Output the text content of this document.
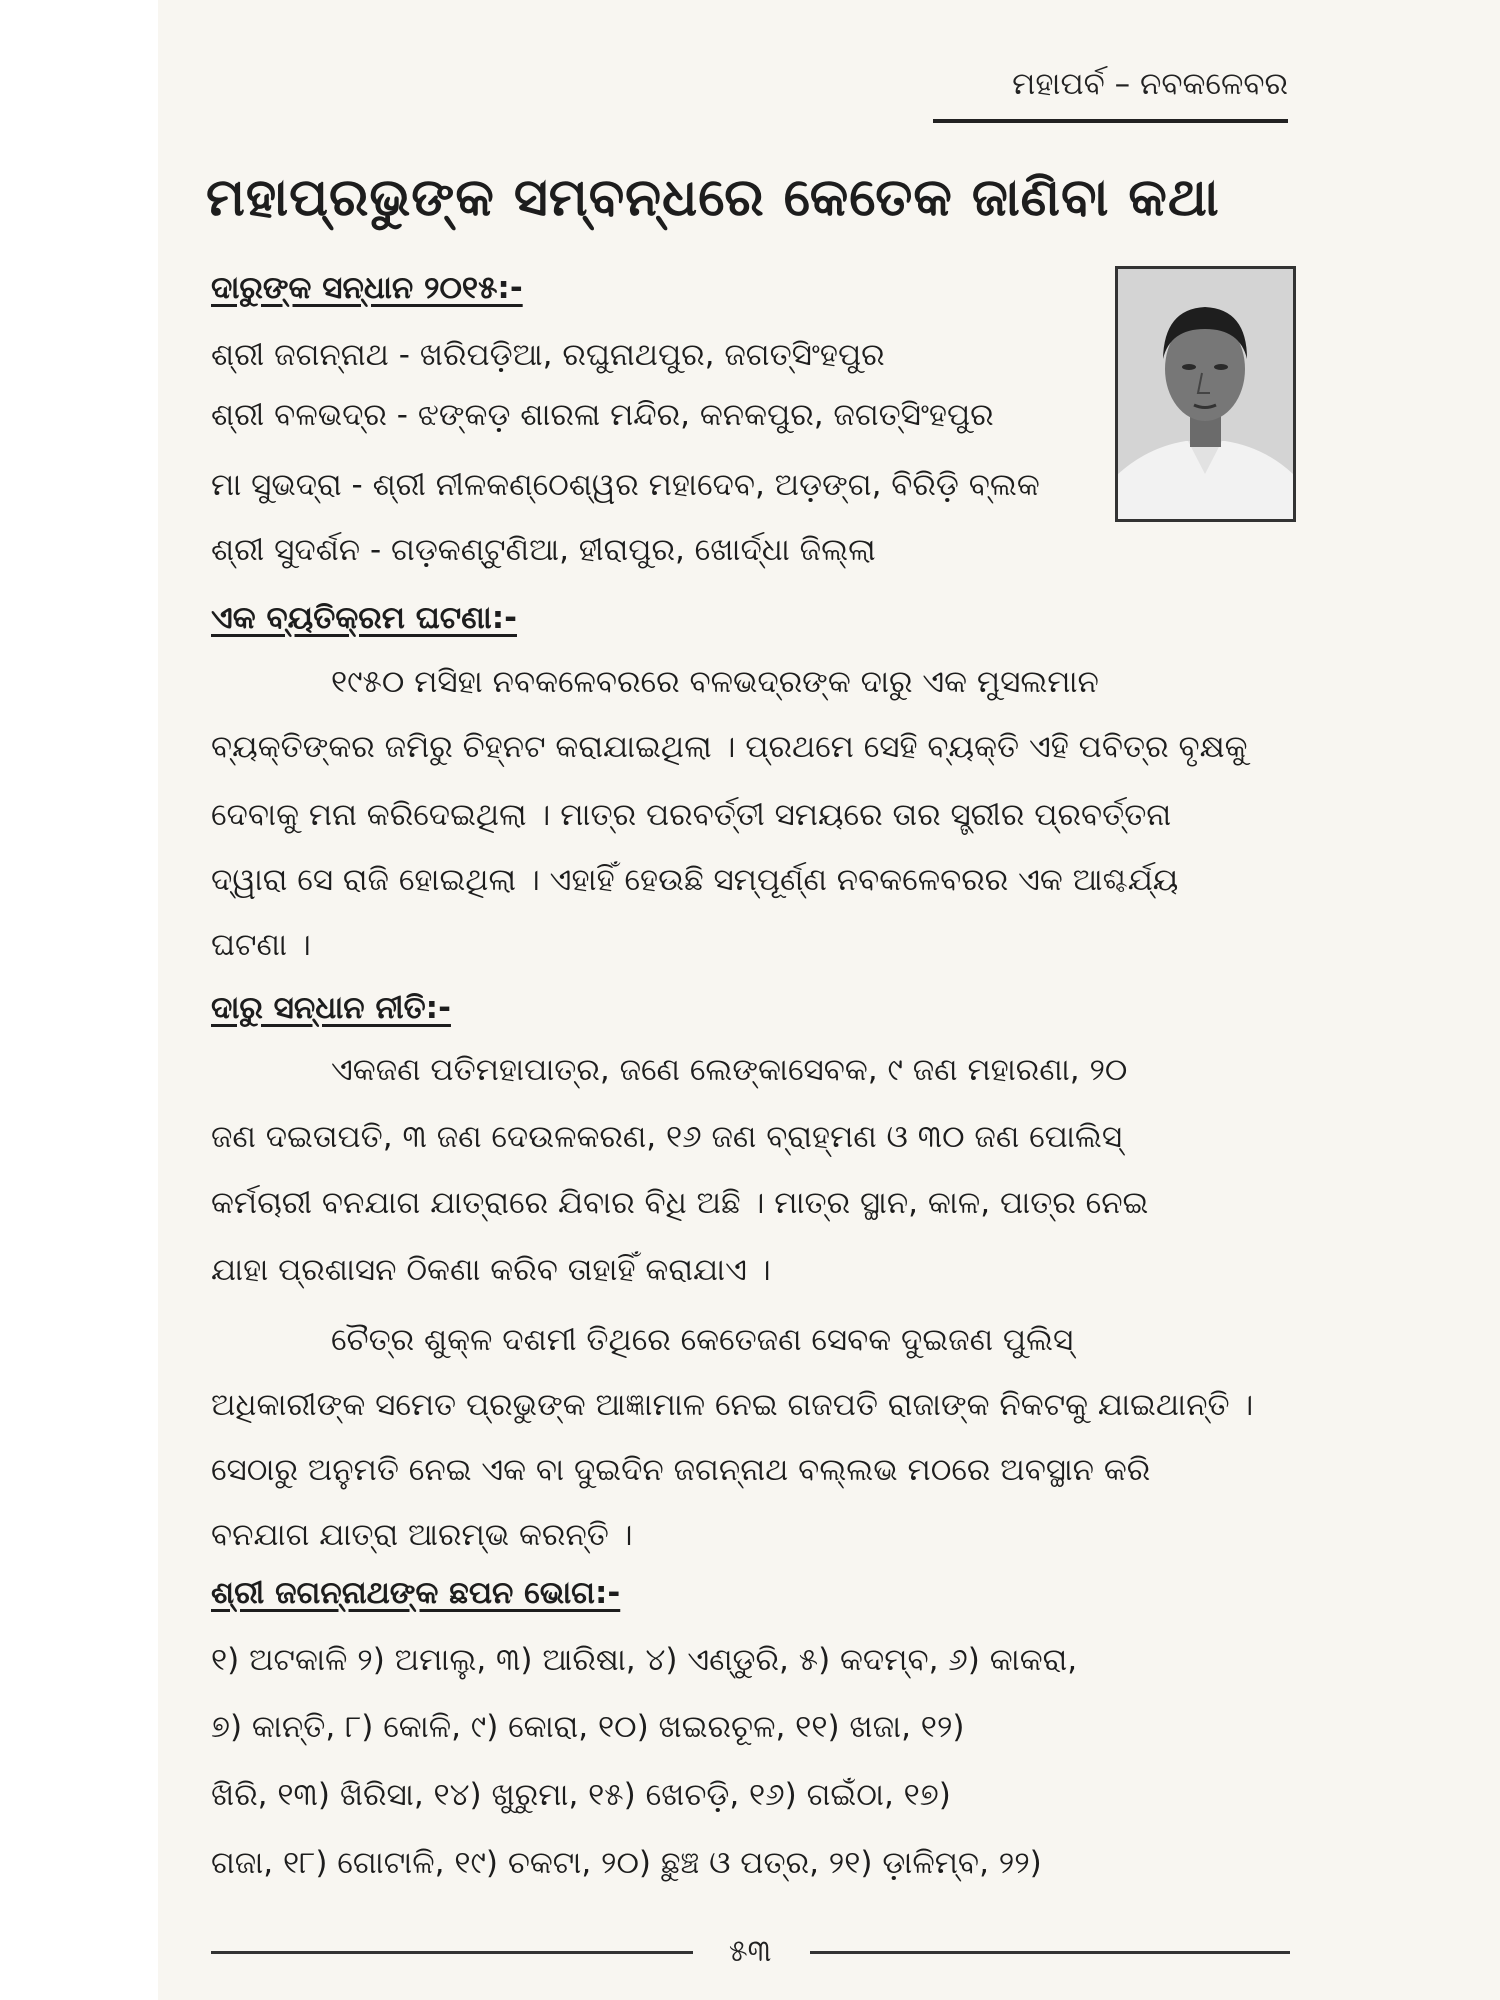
ମହାପର୍ବ – ନବକଳେବର
ମହାପ୍ରଭୁଙ୍କ ସମ୍ବନ୍ଧରେ କେତେକ ଜାଣିବା କଥା
ଦାରୁଙ୍କ ସନ୍ଧାନ ୨୦୧୫:-
ଶ୍ରୀ ଜଗନ୍ନାଥ - ଖରିପଡ଼ିଆ, ରଘୁନାଥପୁର, ଜଗତ୍‌ସିଂହପୁର
ଶ୍ରୀ ବଳଭଦ୍ର - ଝଙ୍କଡ଼ ଶାରଳା ମନ୍ଦିର, କନକପୁର, ଜଗତ୍‌ସିଂହପୁର
ମା ସୁଭଦ୍ରା - ଶ୍ରୀ ନୀଳକଣ୍ଠେଶ୍ୱର ମହାଦେବ, ଅଡ଼ଙ୍ଗ, ବିରିଡ଼ି ବ୍ଲକ
ଶ୍ରୀ ସୁଦର୍ଶନ - ଗଡ଼କଣ୍ଟୁଣିଆ, ହୀରାପୁର, ଖୋର୍ଦ୍ଧା ଜିଲ୍ଲା
ଏକ ବ୍ୟତିକ୍ରମ ଘଟଣା:-
୧୯୫୦ ମସିହା ନବକଳେବରରେ ବଳଭଦ୍ରଙ୍କ ଦାରୁ ଏକ ମୁସଲମାନ
ବ୍ୟକ୍ତିଙ୍କର ଜମିରୁ ଚିହ୍ନଟ କରାଯାଇଥିଲା । ପ୍ରଥମେ ସେହି ବ୍ୟକ୍ତି ଏହି ପବିତ୍ର ବୃକ୍ଷକୁ
ଦେବାକୁ ମନା କରିଦେଇଥିଲା । ମାତ୍ର ପରବର୍ତ୍ତୀ ସମୟରେ ତାର ସ୍ତ୍ରୀର ପ୍ରବର୍ତ୍ତନା
ଦ୍ୱାରା ସେ ରାଜି ହୋଇଥିଲା । ଏହାହିଁ ହେଉଛି ସମ୍ପୂର୍ଣ୍ଣ ନବକଳେବରର ଏକ ଆଶ୍ଚର୍ଯ୍ୟ
ଘଟଣା ।
ଦାରୁ ସନ୍ଧାନ ନୀତି:-
ଏକଜଣ ପତିମହାପାତ୍ର, ଜଣେ ଲେଙ୍କାସେବକ, ୯ ଜଣ ମହାରଣା, ୨୦
ଜଣ ଦଇତାପତି, ୩ ଜଣ ଦେଉଳକରଣ, ୧୬ ଜଣ ବ୍ରାହ୍ମଣ ଓ ୩୦ ଜଣ ପୋଲିସ୍
କର୍ମଚାରୀ ବନଯାଗ ଯାତ୍ରାରେ ଯିବାର ବିଧି ଅଛି । ମାତ୍ର ସ୍ଥାନ, କାଳ, ପାତ୍ର ନେଇ
ଯାହା ପ୍ରଶାସନ ଠିକଣା କରିବ ତାହାହିଁ କରାଯାଏ ।
ଚୈତ୍ର ଶୁକ୍ଳ ଦଶମୀ ତିଥିରେ କେତେଜଣ ସେବକ ଦୁଇଜଣ ପୁଲିସ୍
ଅଧିକାରୀଙ୍କ ସମେତ ପ୍ରଭୁଙ୍କ ଆଜ୍ଞାମାଳ ନେଇ ଗଜପତି ରାଜାଙ୍କ ନିକଟକୁ ଯାଇଥାନ୍ତି ।
ସେଠାରୁ ଅନୁମତି ନେଇ ଏକ ବା ଦୁଇଦିନ ଜଗନ୍ନାଥ ବଲ୍ଲଭ ମଠରେ ଅବସ୍ଥାନ କରି
ବନଯାଗ ଯାତ୍ରା ଆରମ୍ଭ କରନ୍ତି ।
ଶ୍ରୀ ଜଗନ୍ନାଥଙ୍କ ଛପନ ଭୋଗ:-
୧) ଅଟକାଳି ୨) ଅମାଲୁ, ୩) ଆରିଷା, ୪) ଏଣ୍ଡୁରି, ୫) କଦମ୍ବ, ୬) କାକରା,
୭) କାନ୍ତି, ୮) କୋଳି, ୯) କୋରା, ୧୦) ଖଇରଚୂଳ, ୧୧) ଖଜା, ୧୨)
ଖିରି, ୧୩) ଖିରିସା, ୧୪) ଖୁରୁମା, ୧୫) ଖେଚଡ଼ି, ୧୬) ଗଇଁଠା, ୧୭)
ଗଜା, ୧୮) ଗୋଟାଳି, ୧୯) ଚକଟା, ୨୦) ଛୁଞ୍ଚ ଓ ପତ୍ର, ୨୧) ଡ଼ାଳିମ୍ବ, ୨୨)
୫୩
